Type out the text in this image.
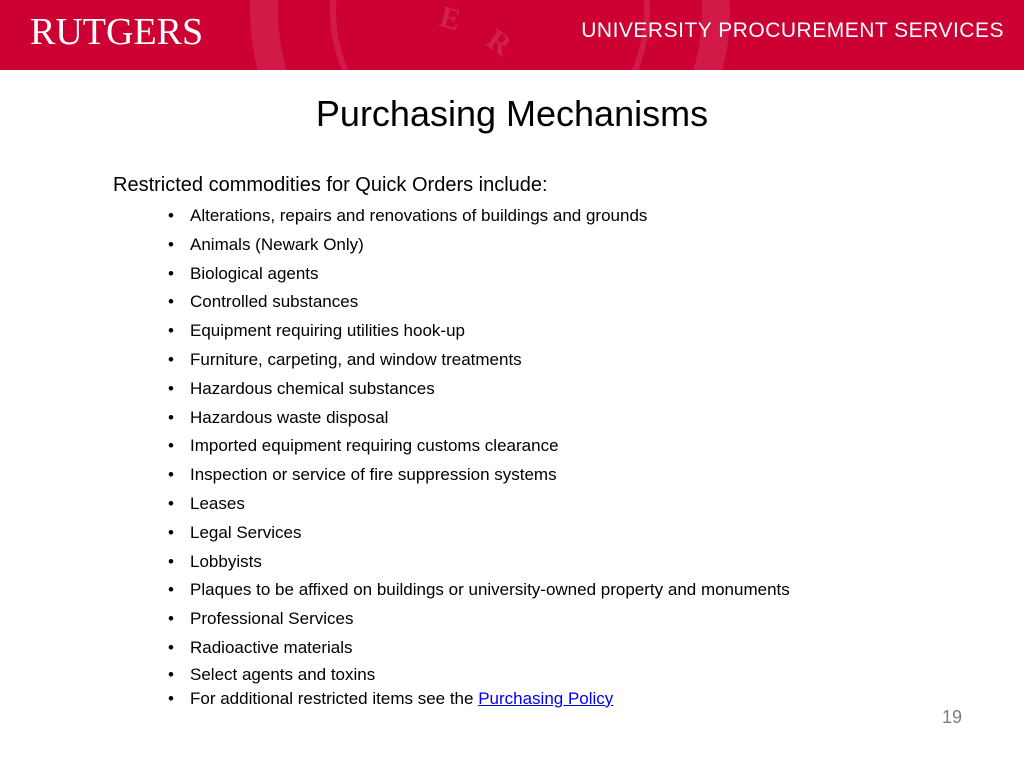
E
R
RUTGERS	UNIVERSITY PROCUREMENT SERVICES
Purchasing Mechanisms
Restricted commodities for Quick Orders include:
• Alterations, repairs and renovations of buildings and grounds
• Animals (Newark Only)
• Biological agents
• Controlled substances
• Equipment requiring utilities hook-up
• Furniture, carpeting, and window treatments
• Hazardous chemical substances
• Hazardous waste disposal
• Imported equipment requiring customs clearance
• Inspection or service of fire suppression systems
• Leases
• Legal Services
• Lobbyists
• Plaques to be affixed on buildings or university-owned property and monuments
• Professional Services
• Radioactive materials
• Select agents and toxins
• For additional restricted items see the Purchasing Policy
19
